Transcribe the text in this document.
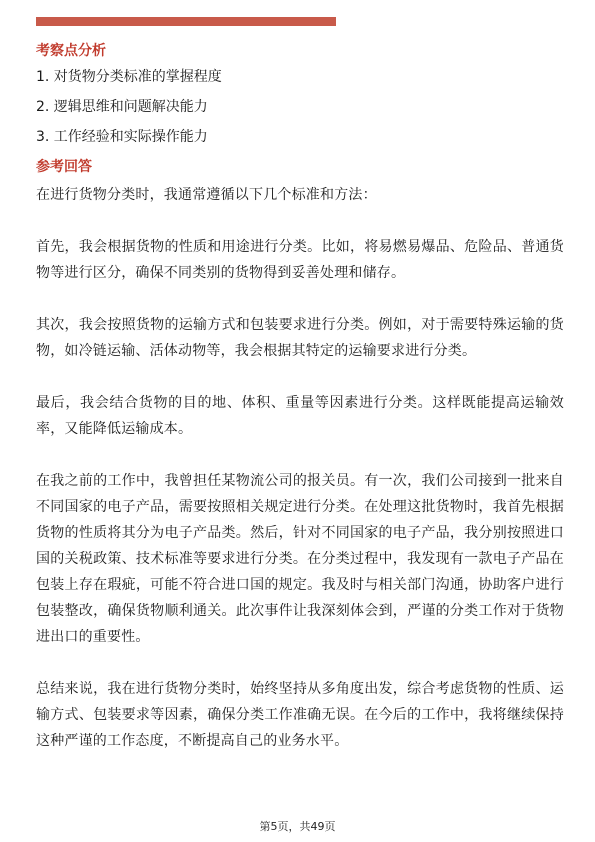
考察点分析
1. 对货物分类标准的掌握程度
2. 逻辑思维和问题解决能力
3. 工作经验和实际操作能力
参考回答

在进行货物分类时，我通常遵循以下几个标准和方法：

首先，我会根据货物的性质和用途进行分类。比如，将易燃易爆品、危险品、普通货物等进行区分，确保不同类别的货物得到妥善处理和储存。

其次，我会按照货物的运输方式和包装要求进行分类。例如，对于需要特殊运输的货物，如冷链运输、活体动物等，我会根据其特定的运输要求进行分类。

最后，我会结合货物的目的地、体积、重量等因素进行分类。这样既能提高运输效率，又能降低运输成本。

在我之前的工作中，我曾担任某物流公司的报关员。有一次，我们公司接到一批来自不同国家的电子产品，需要按照相关规定进行分类。在处理这批货物时，我首先根据货物的性质将其分为电子产品类。然后，针对不同国家的电子产品，我分别按照进口国的关税政策、技术标准等要求进行分类。在分类过程中，我发现有一款电子产品在包装上存在瑕疵，可能不符合进口国的规定。我及时与相关部门沟通，协助客户进行包装整改，确保货物顺利通关。此次事件让我深刻体会到，严谨的分类工作对于货物进出口的重要性。

总结来说，我在进行货物分类时，始终坚持从多角度出发，综合考虑货物的性质、运输方式、包装要求等因素，确保分类工作准确无误。在今后的工作中，我将继续保持这种严谨的工作态度，不断提高自己的业务水平。

第5页，共49页
